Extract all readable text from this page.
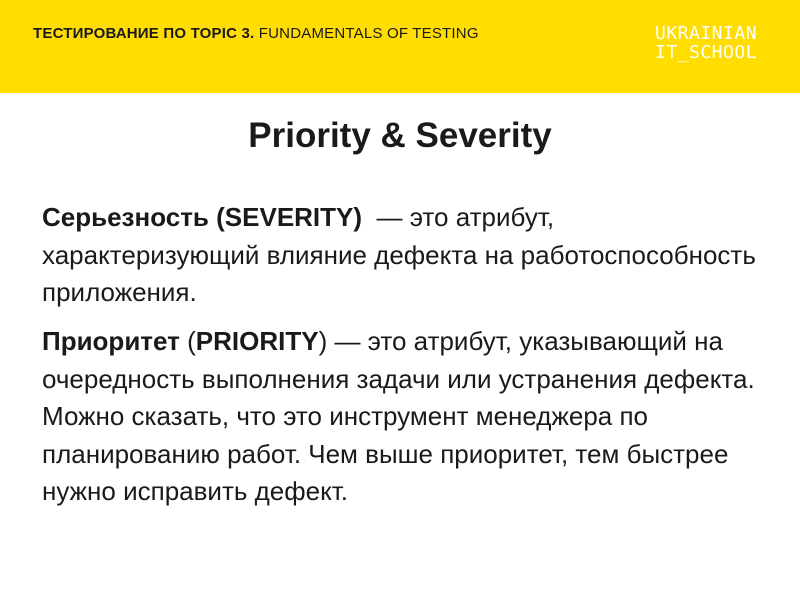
ТЕСТИРОВАНИЕ ПО TOPIC 3. FUNDAMENTALS OF TESTING	UKRAINIAN
IT_SCHOOL
Priority & Severity
Серьезность (SEVERITY)  — это атрибут, характеризующий влияние дефекта на работоспособность приложения.
Приоритет (PRIORITY) — это атрибут, указывающий на очередность выполнения задачи или устранения дефекта. Можно сказать, что это инструмент менеджера по планированию работ. Чем выше приоритет, тем быстрее нужно исправить дефект.
